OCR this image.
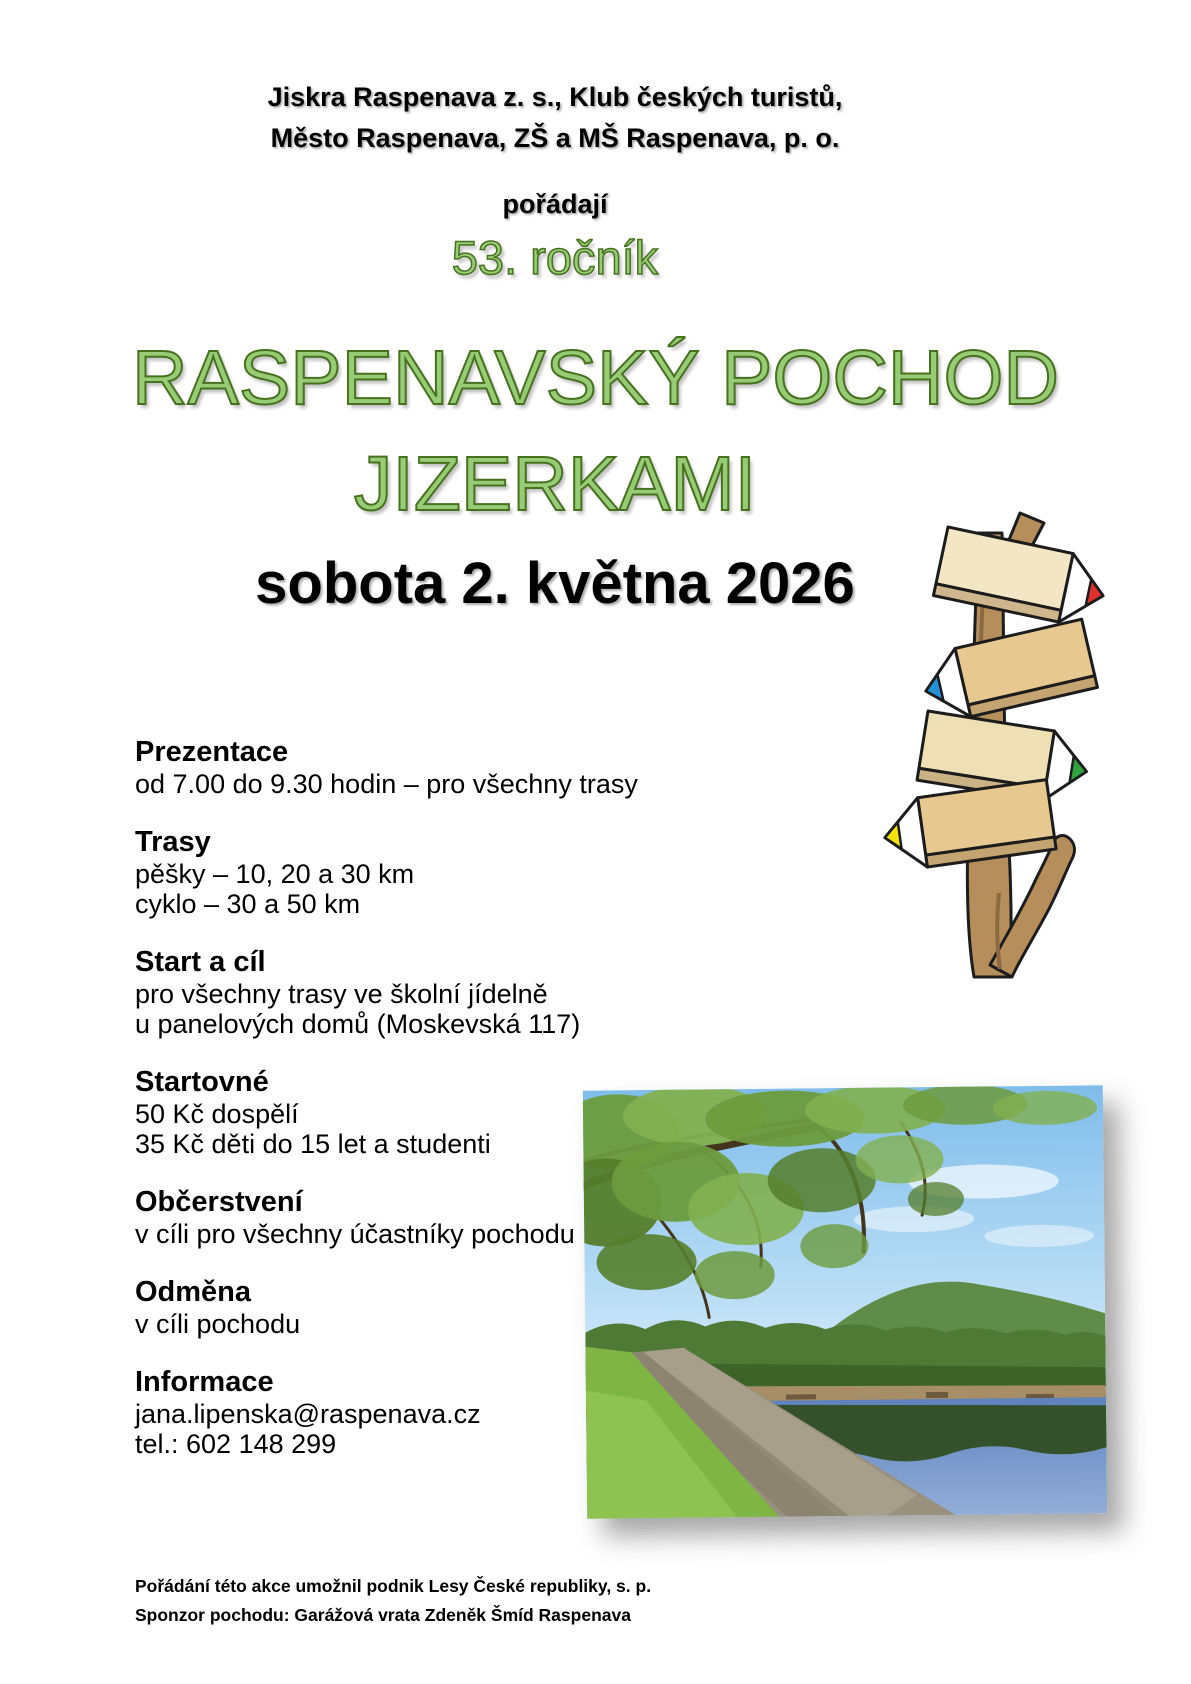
Jiskra Raspenava z. s., Klub českých turistů,
Město Raspenava, ZŠ a MŠ Raspenava, p. o.
pořádají
53. ročník
RASPENAVSKÝ POCHOD
JIZERKAMI
sobota 2. května 2026

Prezentace

od 7.00 do 9.30 hodin – pro všechny trasy

Trasy

pěšky – 10, 20 a 30 km

cyklo – 30 a 50 km

Start a cíl

pro všechny trasy ve školní jídelně

u panelových domů (Moskevská 117)

Startovné

50 Kč dospělí

35 Kč děti do 15 let a studenti

Občerstvení

v cíli pro všechny účastníky pochodu

Odměna

v cíli pochodu

Informace

jana.lipenska@raspenava.cz

tel.: 602 148 299

Pořádání této akce umožnil podnik Lesy České republiky, s. p.
Sponzor pochodu: Garážová vrata Zdeněk Šmíd Raspenava
